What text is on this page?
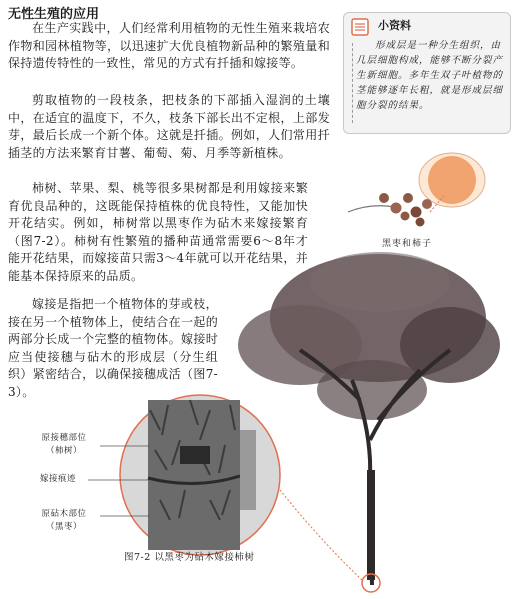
无性生殖的应用

在生产实践中，人们经常利用植物的无性生殖来栽培农作物和园林植物等，以迅速扩大优良植物新品种的繁殖量和保持遗传特性的一致性，常见的方式有扦插和嫁接等。

剪取植物的一段枝条，把枝条的下部插入湿润的土壤中，在适宜的温度下，不久，枝条下部长出不定根，上部发芽，最后长成一个新个体。这就是扦插。例如，人们常用扦插茎的方法来繁育甘薯、葡萄、菊、月季等新植株。

柿树、苹果、梨、桃等很多果树都是利用嫁接来繁育优良品种的，这既能保持植株的优良特性，又能加快开花结实。例如，柿树常以黑枣作为砧木来嫁接繁育（图7-2）。柿树有性繁殖的播种苗通常需要6～8年才能开花结果，而嫁接苗只需3～4年就可以开花结果，并能基本保持原来的品质。

嫁接是指把一个植物体的芽或枝，接在另一个植物体上，使结合在一起的两部分长成一个完整的植物体。嫁接时应当使接穗与砧木的形成层（分生组织）紧密结合，以确保接穗成活（图7-3）。

小资料

形成层是一种分生组织，由几层细胞构成，能够不断分裂产生新细胞。多年生双子叶植物的茎能够逐年长粗，就是形成层细胞分裂的结果。

黑枣和柿子
原接穗部位
（柿树）
嫁接痕迹
原砧木部位
（黑枣）
图7-2 以黑枣为砧木嫁接柿树
